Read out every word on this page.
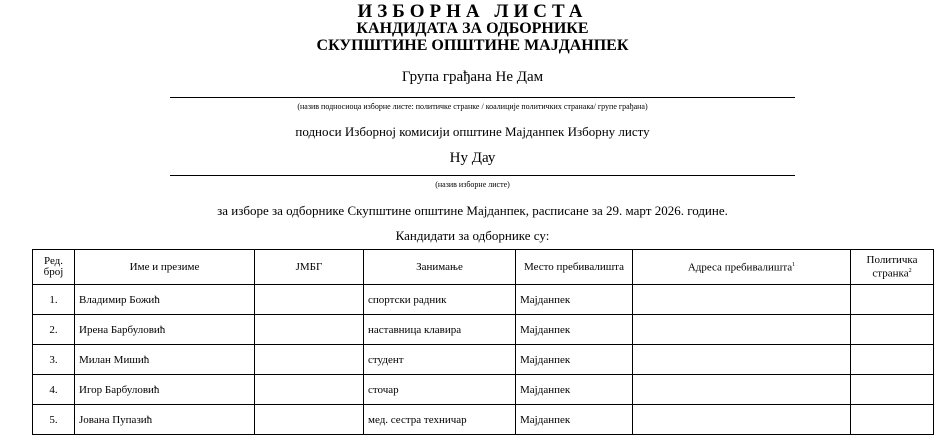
ИЗБОРНА ЛИСТА
КАНДИДАТА ЗА ОДБОРНИКЕ
СКУПШТИНЕ ОПШТИНЕ МАЈДАНПЕК
Група грађана Не Дам
(назив подносиоца изборне листе: политичке странке / коалиције политичких странака/ групе грађана)
подноси Изборној комисији општине Мајданпек Изборну листу
Ну Дау
(назив изборне листе)
за изборе за одборнике Скупштине општине Мајданпек, расписане за 29. март 2026. године.
Кандидати за одборнике су:
Ред. број	Име и презиме	ЈМБГ	Занимање	Место пребивалишта	Адреса пребивалишта$^1$	Политичка странка$^2$
1.	Владимир Божић		спортски радник	Мајданпек		
2.	Ирена Барбуловић		наставница клавира	Мајданпек		
3.	Милан Мишић		студент	Мајданпек		
4.	Игор Барбуловић		сточар	Мајданпек		
5.	Јована Пупазић		мед. сестра техничар	Мајданпек		
